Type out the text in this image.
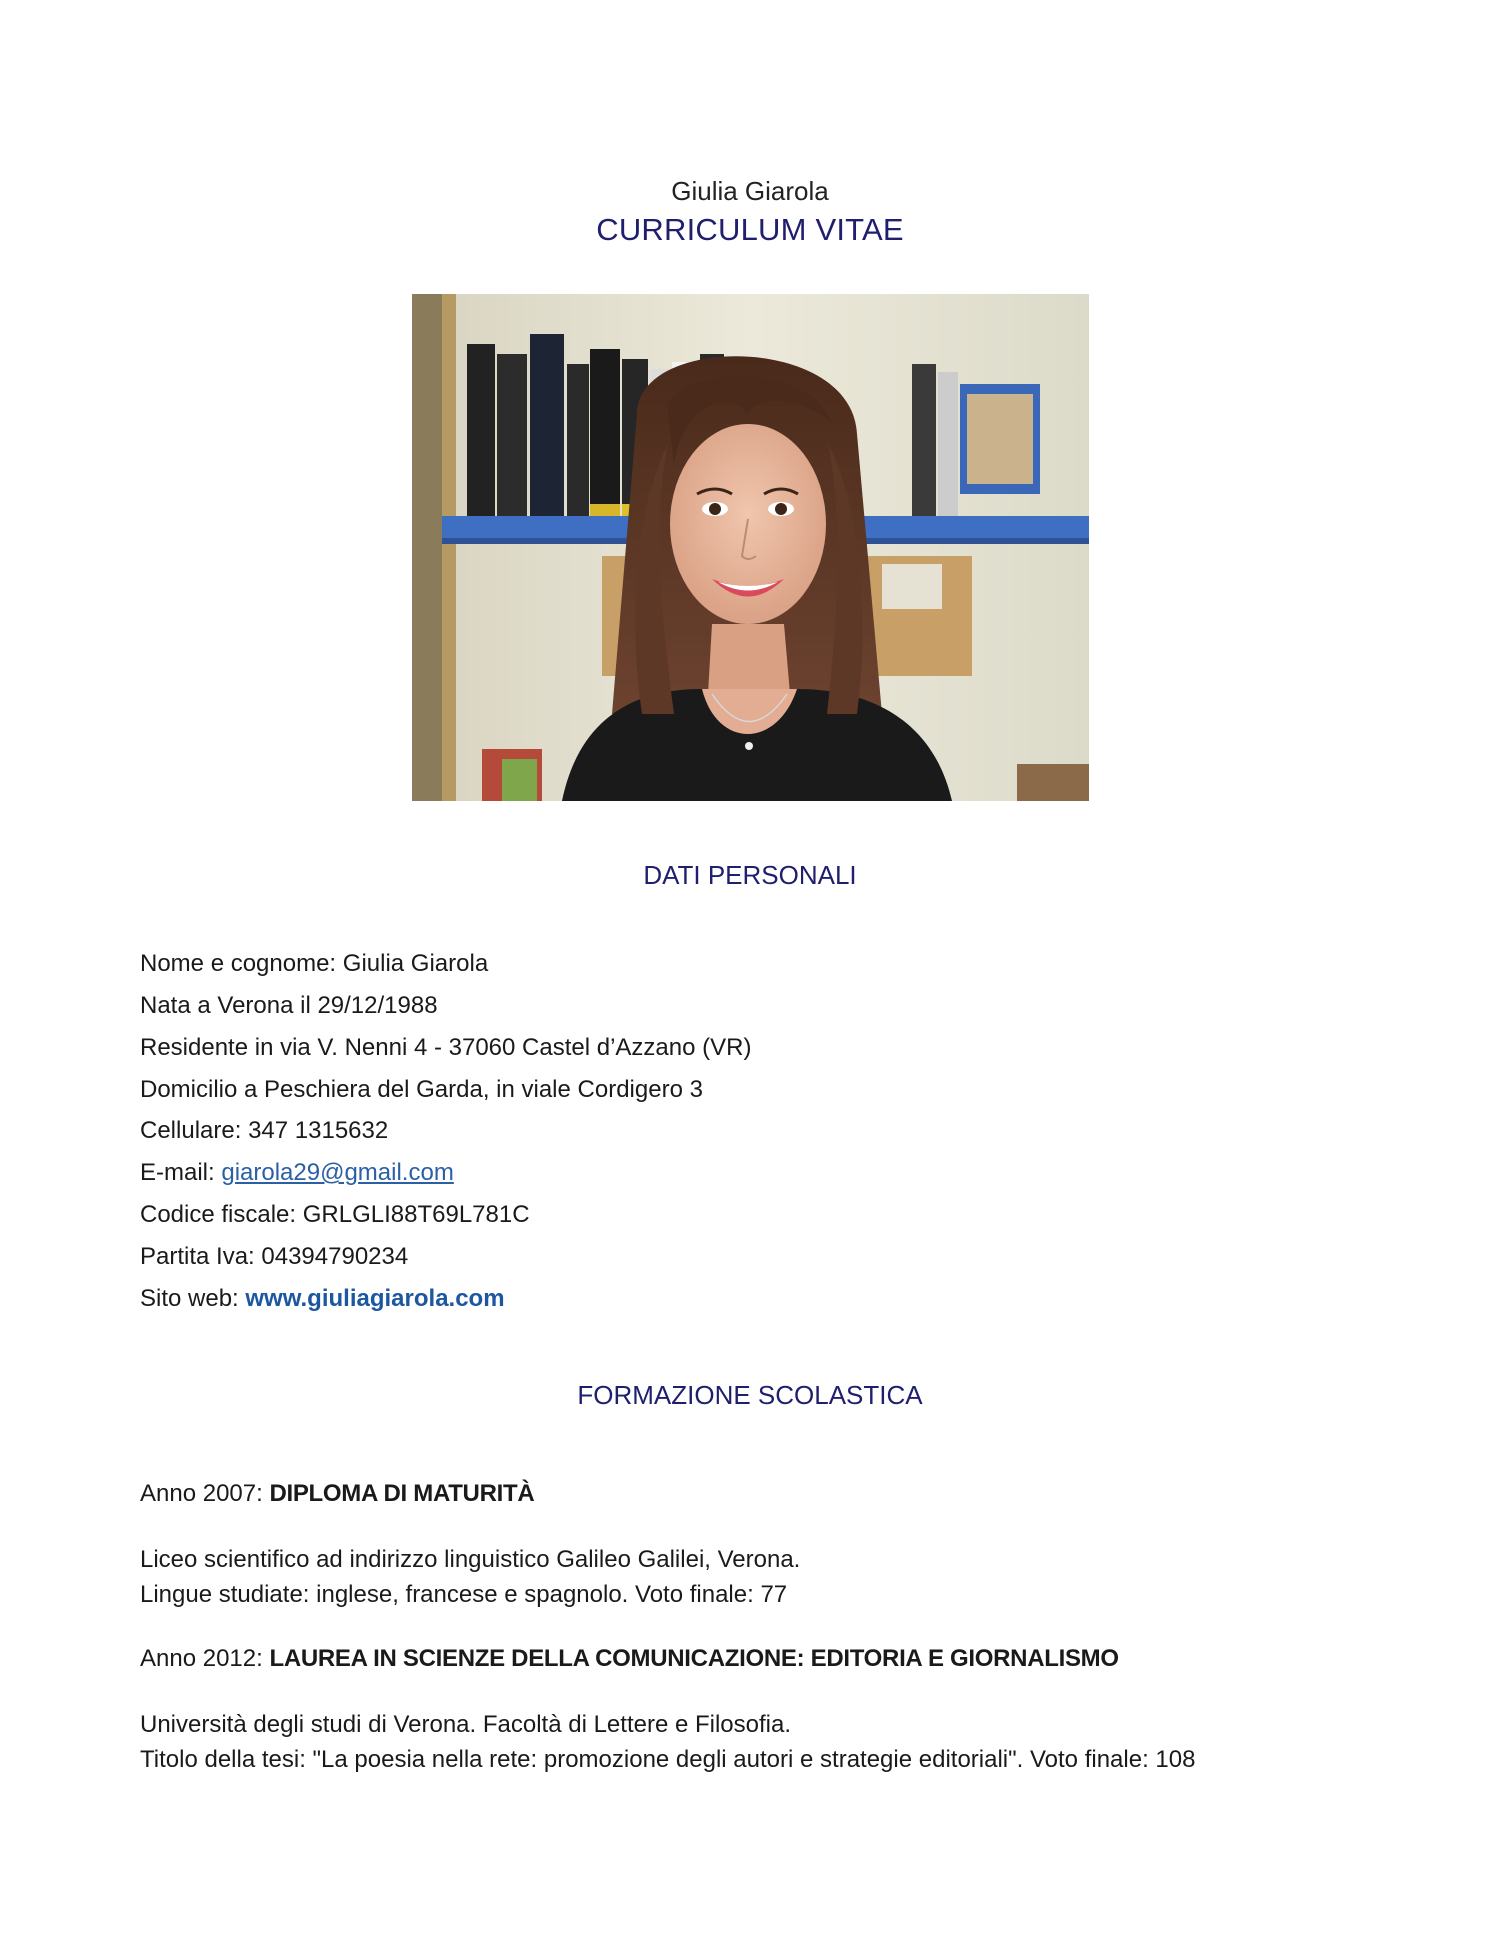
Giulia Giarola
CURRICULUM VITAE
DATI PERSONALI
Nome e cognome: Giulia Giarola
Nata a Verona il 29/12/1988
Residente in via V. Nenni 4 - 37060 Castel d’Azzano (VR)
Domicilio a Peschiera del Garda, in viale Cordigero 3
Cellulare: 347 1315632
E-mail: giarola29@gmail.com
Codice fiscale: GRLGLI88T69L781C
Partita Iva: 04394790234
Sito web: www.giuliagiarola.com
FORMAZIONE SCOLASTICA
Anno 2007: DIPLOMA DI MATURITÀ
Liceo scientifico ad indirizzo linguistico Galileo Galilei, Verona.
Lingue studiate: inglese, francese e spagnolo. Voto finale: 77
Anno 2012: LAUREA IN SCIENZE DELLA COMUNICAZIONE: EDITORIA E GIORNALISMO
Università degli studi di Verona. Facoltà di Lettere e Filosofia.
Titolo della tesi: "La poesia nella rete: promozione degli autori e strategie editoriali". Voto finale: 108
